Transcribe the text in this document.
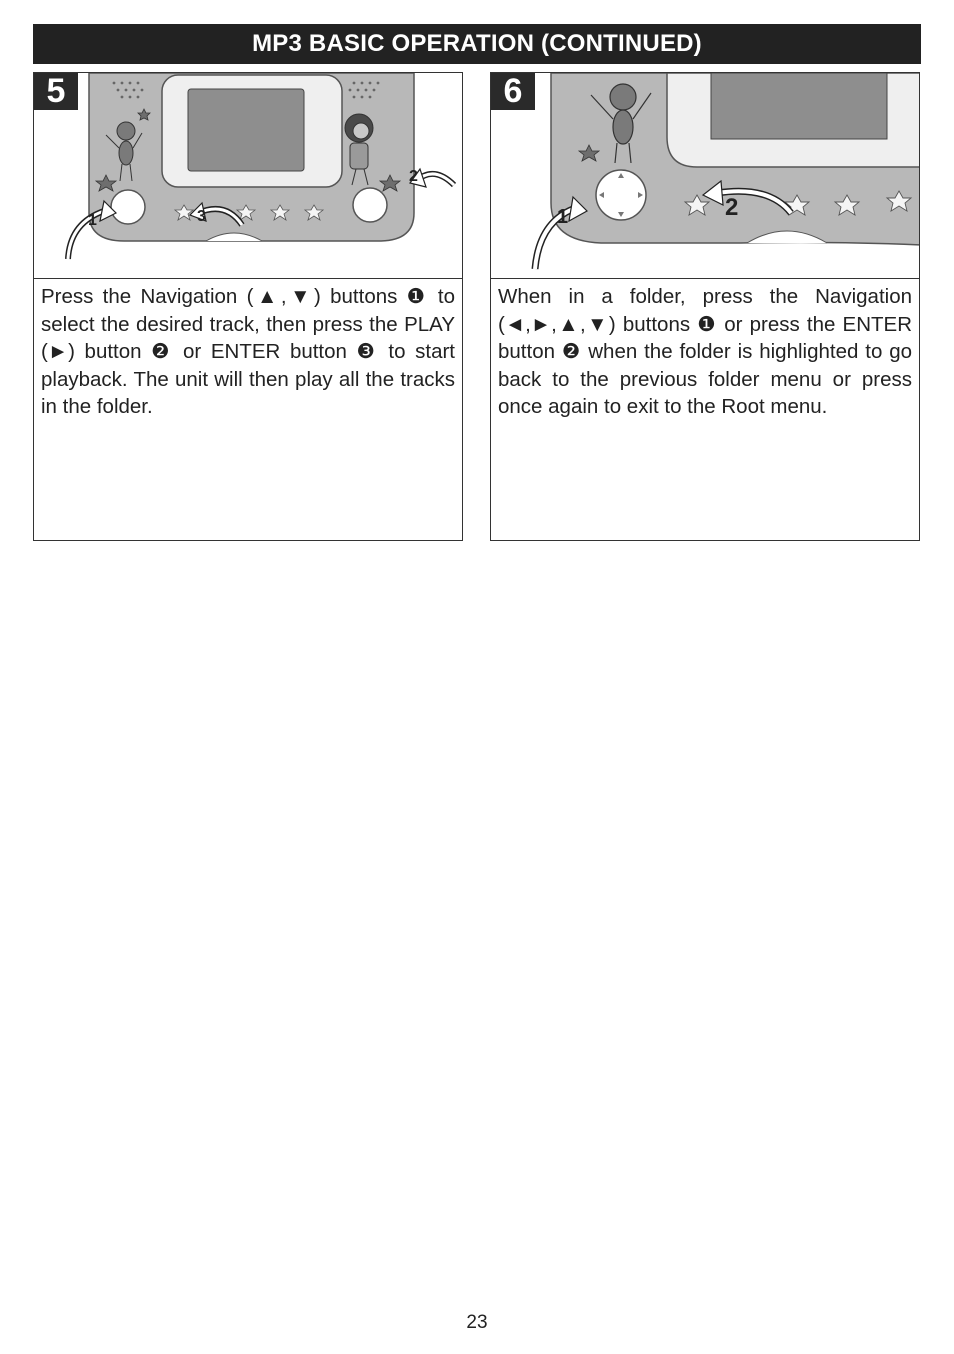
MP3 BASIC OPERATION (CONTINUED)
5
1
2
3
Press the Navigation (▲,▼) buttons ❶ to select the desired track, then press the PLAY (►) button ❷ or ENTER button ❸ to start playback. The unit will then play all the tracks in the folder.
6
1	2
When in a folder, press the Navigation (◄,►,▲,▼) buttons ❶ or press the ENTER button ❷ when the folder is highlighted to go back to the previous folder menu or press once again to exit to the Root menu.
23
